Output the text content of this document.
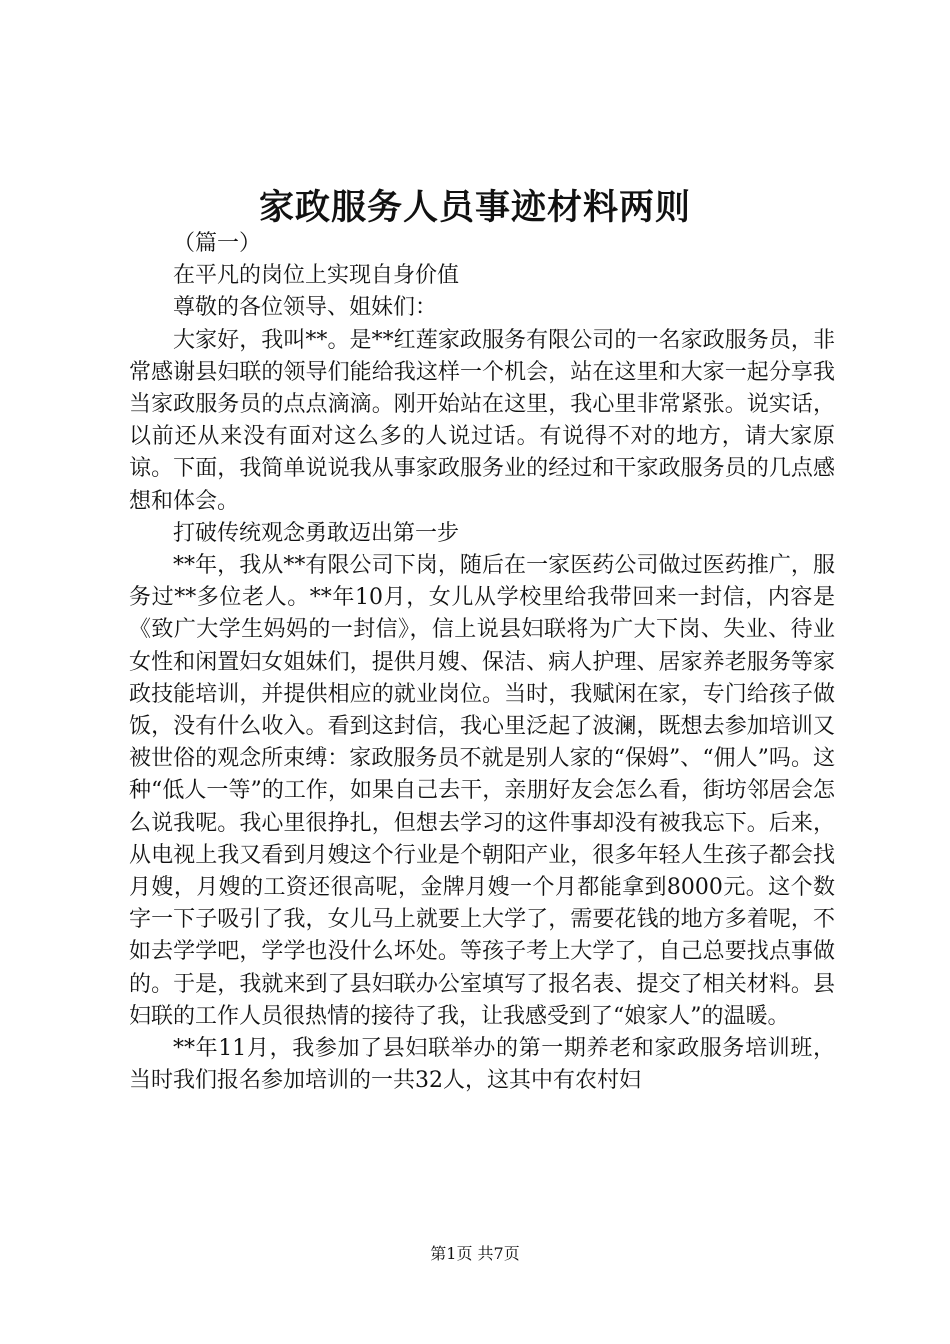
家政服务人员事迹材料两则

（篇一）

在平凡的岗位上实现自身价值

尊敬的各位领导、姐妹们：

大家好，我叫**。是**红莲家政服务有限公司的一名家政服务员，非常感谢县妇联的领导们能给我这样一个机会，站在这里和大家一起分享我当家政服务员的点点滴滴。刚开始站在这里，我心里非常紧张。说实话，以前还从来没有面对这么多的人说过话。有说得不对的地方，请大家原谅。下面，我简单说说我从事家政服务业的经过和干家政服务员的几点感想和体会。

打破传统观念勇敢迈出第一步

**年，我从**有限公司下岗，随后在一家医药公司做过医药推广，服务过**多位老人。**年10月，女儿从学校里给我带回来一封信，内容是《致广大学生妈妈的一封信》，信上说县妇联将为广大下岗、失业、待业女性和闲置妇女姐妹们，提供月嫂、保洁、病人护理、居家养老服务等家政技能培训，并提供相应的就业岗位。当时，我赋闲在家，专门给孩子做饭，没有什么收入。看到这封信，我心里泛起了波澜，既想去参加培训又被世俗的观念所束缚：家政服务员不就是别人家的“保姆”、“佣人”吗。这种“低人一等”的工作，如果自己去干，亲朋好友会怎么看，街坊邻居会怎么说我呢。我心里很挣扎，但想去学习的这件事却没有被我忘下。后来，从电视上我又看到月嫂这个行业是个朝阳产业，很多年轻人生孩子都会找月嫂，月嫂的工资还很高呢，金牌月嫂一个月都能拿到8000元。这个数字一下子吸引了我，女儿马上就要上大学了，需要花钱的地方多着呢，不如去学学吧，学学也没什么坏处。等孩子考上大学了，自己总要找点事做的。于是，我就来到了县妇联办公室填写了报名表、提交了相关材料。县妇联的工作人员很热情的接待了我，让我感受到了“娘家人”的温暖。

**年11月，我参加了县妇联举办的第一期养老和家政服务培训班，当时我们报名参加培训的一共32人，这其中有农村妇

第1页 共7页
